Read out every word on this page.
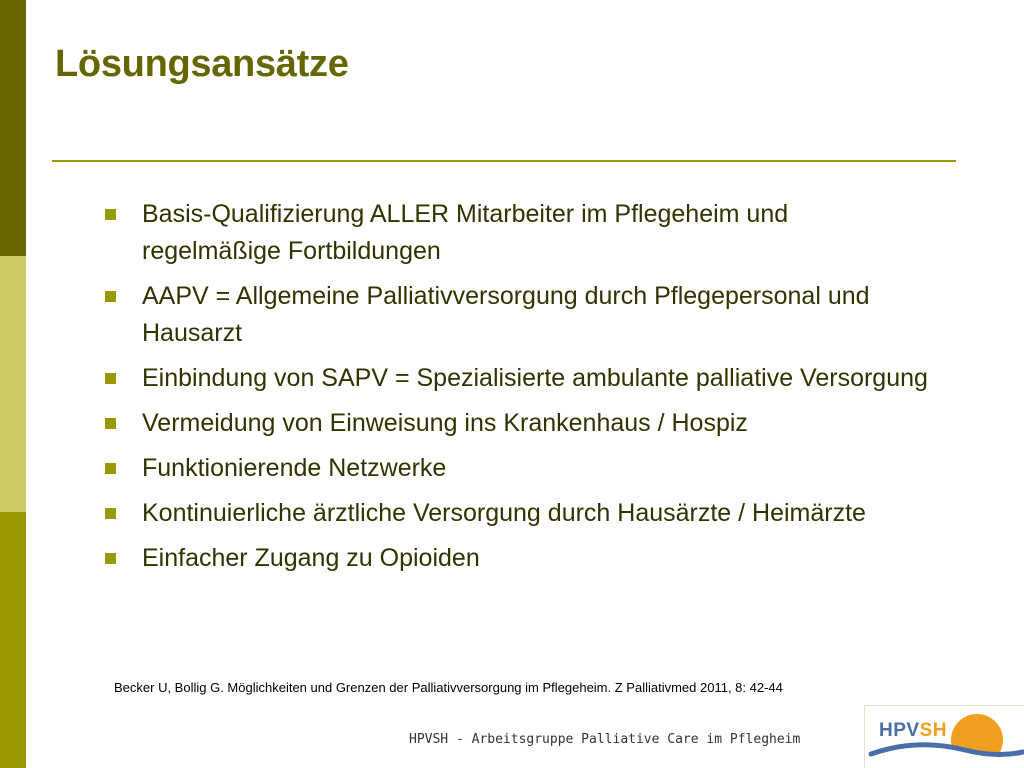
Lösungsansätze
Basis-Qualifizierung ALLER Mitarbeiter im Pflegeheim und regelmäßige Fortbildungen
AAPV = Allgemeine Palliativversorgung durch Pflegepersonal und Hausarzt
Einbindung von SAPV = Spezialisierte ambulante palliative Versorgung
Vermeidung von Einweisung ins Krankenhaus / Hospiz
Funktionierende Netzwerke
Kontinuierliche ärztliche Versorgung durch Hausärzte / Heimärzte
Einfacher Zugang zu Opioiden
Becker U, Bollig G. Möglichkeiten und Grenzen der Palliativversorgung im Pflegeheim. Z Palliativmed 2011, 8: 42-44
HPVSH - Arbeitsgruppe Palliative Care im Pflegheim	HPVSH
